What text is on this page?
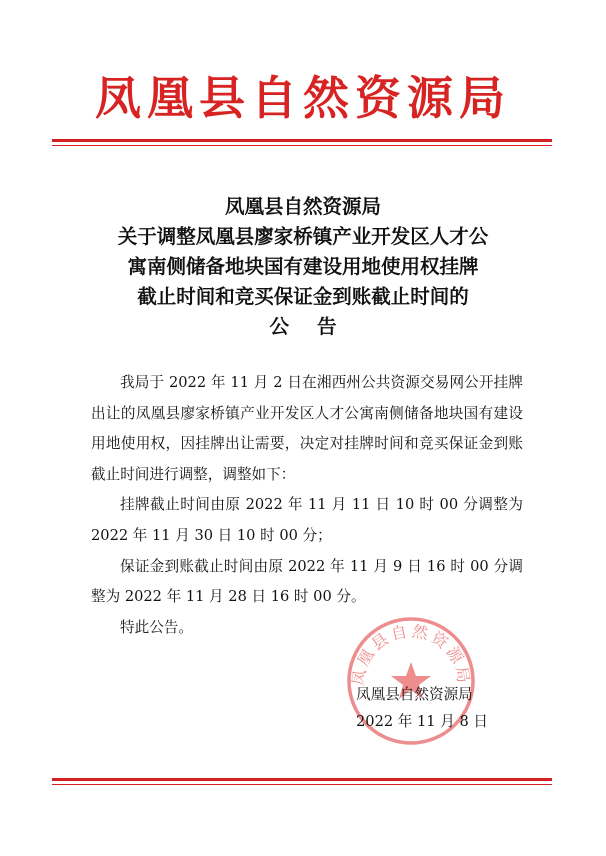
凤凰县自然资源局
凤凰县自然资源局
关于调整凤凰县廖家桥镇产业开发区人才公
寓南侧储备地块国有建设用地使用权挂牌
截止时间和竞买保证金到账截止时间的
公告

我局于 2022 年 11 月 2 日在湘西州公共资源交易网公开挂牌出让的凤凰县廖家桥镇产业开发区人才公寓南侧储备地块国有建设用地使用权，因挂牌出让需要，决定对挂牌时间和竞买保证金到账截止时间进行调整，调整如下：

挂牌截止时间由原 2022 年 11 月 11 日 10 时 00 分调整为 2022 年 11 月 30 日 10 时 00 分；

保证金到账截止时间由原 2022 年 11 月 9 日 16 时 00 分调整为 2022 年 11 月 28 日 16 时 00 分。

特此公告。

凤凰县自然资源局
凤凰县自然资源局
2022 年 11 月 8 日
